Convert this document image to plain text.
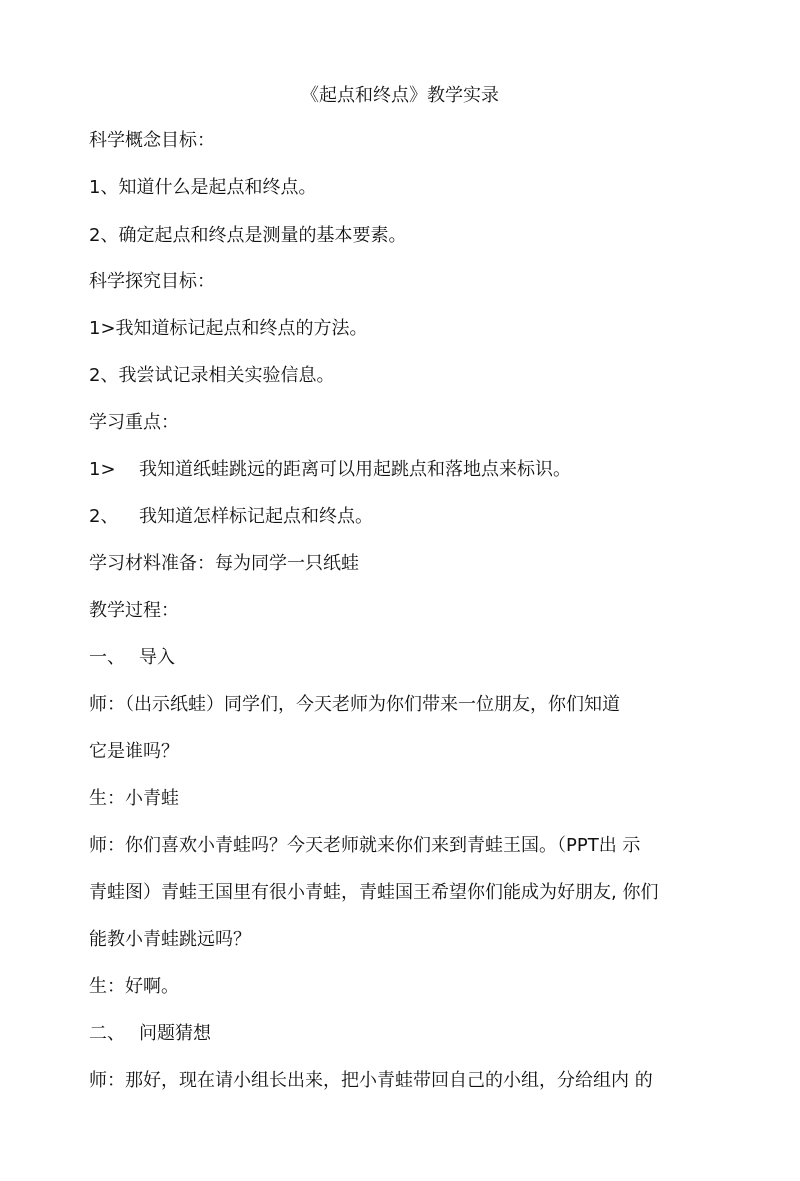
《起点和终点》教学实录
科学概念目标：
1、知道什么是起点和终点。
2、确定起点和终点是测量的基本要素。
科学探究目标：
1>我知道标记起点和终点的方法。
2、我尝试记录相关实验信息。
学习重点：
1> 我知道纸蛙跳远的距离可以用起跳点和落地点来标识。
2、 我知道怎样标记起点和终点。
学习材料准备：每为同学一只纸蛙
教学过程：
一、 导入
师：（出示纸蛙）同学们，今天老师为你们带来一位朋友，你们知道
它是谁吗？
生：小青蛙
师：你们喜欢小青蛙吗？今天老师就来你们来到青蛙王国。（PPT出 示
青蛙图）青蛙王国里有很小青蛙，青蛙国王希望你们能成为好朋友, 你们
能教小青蛙跳远吗？
生：好啊。
二、 问题猜想
师：那好，现在请小组长出来，把小青蛙带回自己的小组，分给组内 的
